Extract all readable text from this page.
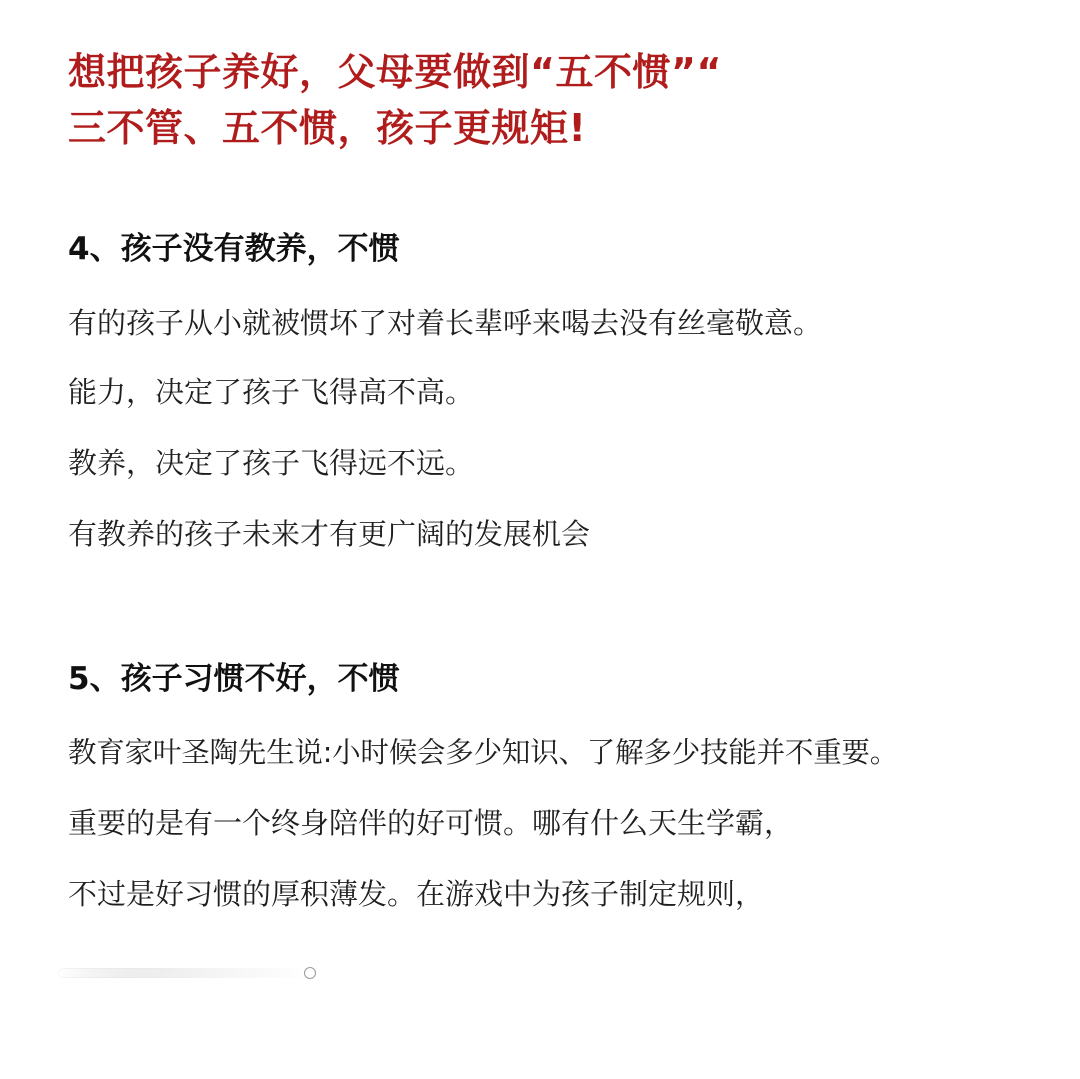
想把孩子养好，父母要做到“五不惯”“
三不管、五不惯，孩子更规矩!
4、孩子没有教养，不惯

有的孩子从小就被惯坏了对着长辈呼来喝去没有丝毫敬意。

能力，决定了孩子飞得高不高。

教养，决定了孩子飞得远不远。

有教养的孩子未来才有更广阔的发展机会

5、孩子习惯不好，不惯

教育家叶圣陶先生说:小时候会多少知识、了解多少技能并不重要。

重要的是有一个终身陪伴的好可惯。哪有什么天生学霸，

不过是好习惯的厚积薄发。在游戏中为孩子制定规则，
